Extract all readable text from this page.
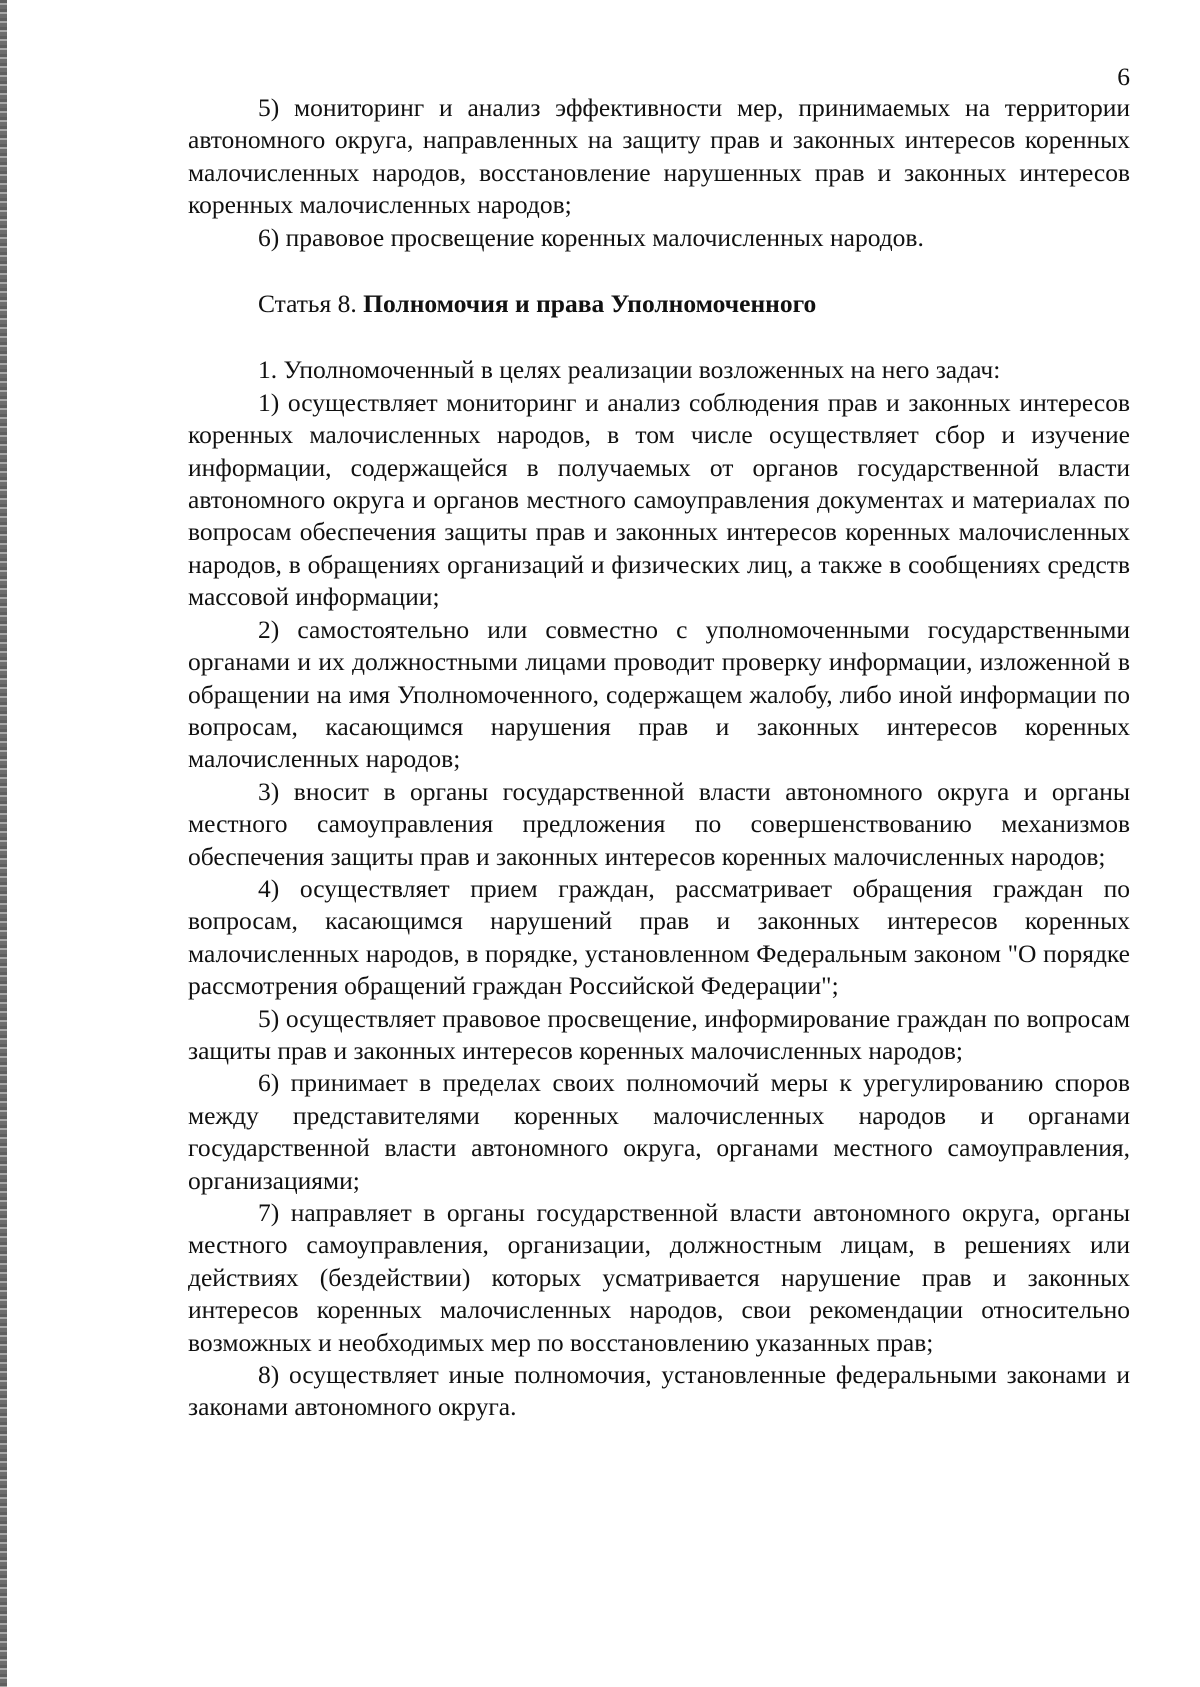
6

5) мониторинг и анализ эффективности мер, принимаемых на территории автономного округа, направленных на защиту прав и законных интересов коренных малочисленных народов, восстановление нарушенных прав и законных интересов коренных малочисленных народов;

6) правовое просвещение коренных малочисленных народов.

Статья 8. Полномочия и права Уполномоченного

1. Уполномоченный в целях реализации возложенных на него задач:

1) осуществляет мониторинг и анализ соблюдения прав и законных интересов коренных малочисленных народов, в том числе осуществляет сбор и изучение информации, содержащейся в получаемых от органов государственной власти автономного округа и органов местного самоуправления документах и материалах по вопросам обеспечения защиты прав и законных интересов коренных малочисленных народов, в обращениях организаций и физических лиц, а также в сообщениях средств массовой информации;

2) самостоятельно или совместно с уполномоченными государственными органами и их должностными лицами проводит проверку информации, изложенной в обращении на имя Уполномоченного, содержащем жалобу, либо иной информации по вопросам, касающимся нарушения прав и законных интересов коренных малочисленных народов;

3) вносит в органы государственной власти автономного округа и органы местного самоуправления предложения по совершенствованию механизмов обеспечения защиты прав и законных интересов коренных малочисленных народов;

4) осуществляет прием граждан, рассматривает обращения граждан по вопросам, касающимся нарушений прав и законных интересов коренных малочисленных народов, в порядке, установленном Федеральным законом "О порядке рассмотрения обращений граждан Российской Федерации";

5) осуществляет правовое просвещение, информирование граждан по вопросам защиты прав и законных интересов коренных малочисленных народов;

6) принимает в пределах своих полномочий меры к урегулированию споров между представителями коренных малочисленных народов и органами государственной власти автономного округа, органами местного самоуправления, организациями;

7) направляет в органы государственной власти автономного округа, органы местного самоуправления, организации, должностным лицам, в решениях или действиях (бездействии) которых усматривается нарушение прав и законных интересов коренных малочисленных народов, свои рекомендации относительно возможных и необходимых мер по восстановлению указанных прав;

8) осуществляет иные полномочия, установленные федеральными законами и законами автономного округа.
